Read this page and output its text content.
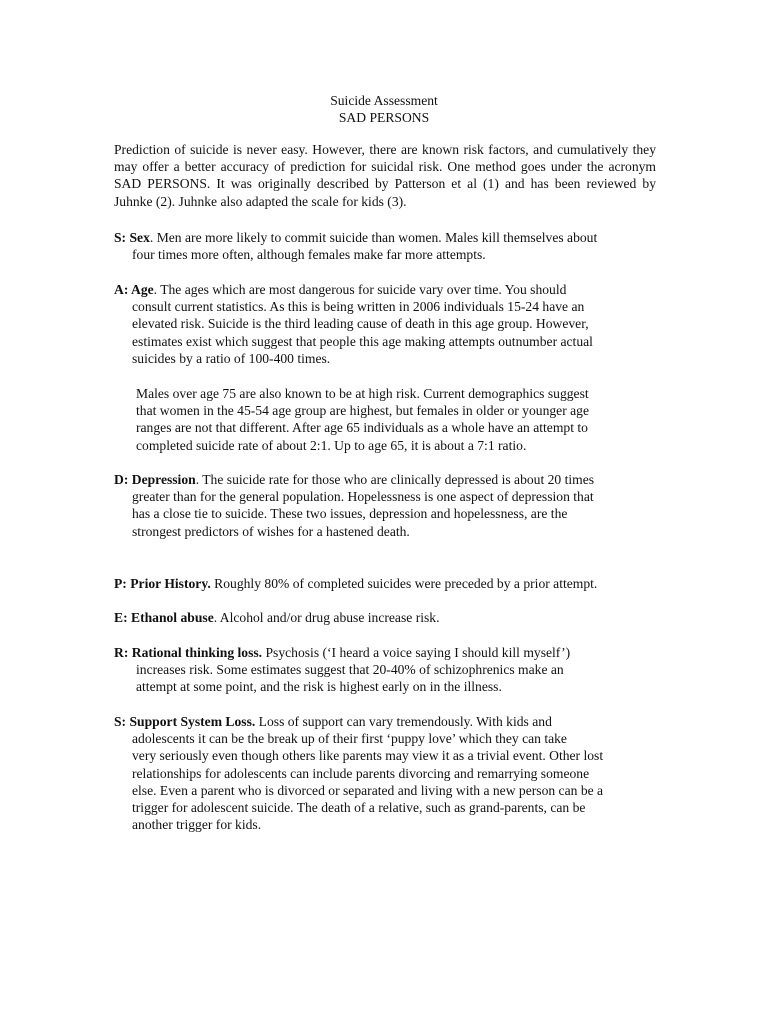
Suicide Assessment
SAD PERSONS
Prediction of suicide is never easy. However, there are known risk factors, and cumulatively they may offer a better accuracy of prediction for suicidal risk. One method goes under the acronym SAD PERSONS. It was originally described by Patterson et al (1) and has been reviewed by Juhnke (2). Juhnke also adapted the scale for kids (3).
S: Sex. Men are more likely to commit suicide than women. Males kill themselves about
four times more often, although females make far more attempts.
A: Age. The ages which are most dangerous for suicide vary over time. You should
consult current statistics. As this is being written in 2006 individuals 15-24 have an
elevated risk. Suicide is the third leading cause of death in this age group. However,
estimates exist which suggest that people this age making attempts outnumber actual
suicides by a ratio of 100-400 times.
Males over age 75 are also known to be at high risk. Current demographics suggest
that women in the 45-54 age group are highest, but females in older or younger age
ranges are not that different. After age 65 individuals as a whole have an attempt to
completed suicide rate of about 2:1. Up to age 65, it is about a 7:1 ratio.
D: Depression. The suicide rate for those who are clinically depressed is about 20 times
greater than for the general population. Hopelessness is one aspect of depression that
has a close tie to suicide. These two issues, depression and hopelessness, are the
strongest predictors of wishes for a hastened death.
P: Prior History. Roughly 80% of completed suicides were preceded by a prior attempt.
E: Ethanol abuse. Alcohol and/or drug abuse increase risk.
R: Rational thinking loss. Psychosis (‘I heard a voice saying I should kill myself’)
increases risk. Some estimates suggest that 20-40% of schizophrenics make an
attempt at some point, and the risk is highest early on in the illness.
S: Support System Loss. Loss of support can vary tremendously. With kids and
adolescents it can be the break up of their first ‘puppy love’ which they can take
very seriously even though others like parents may view it as a trivial event. Other lost
relationships for adolescents can include parents divorcing and remarrying someone
else. Even a parent who is divorced or separated and living with a new person can be a
trigger for adolescent suicide. The death of a relative, such as grand-parents, can be
another trigger for kids.
